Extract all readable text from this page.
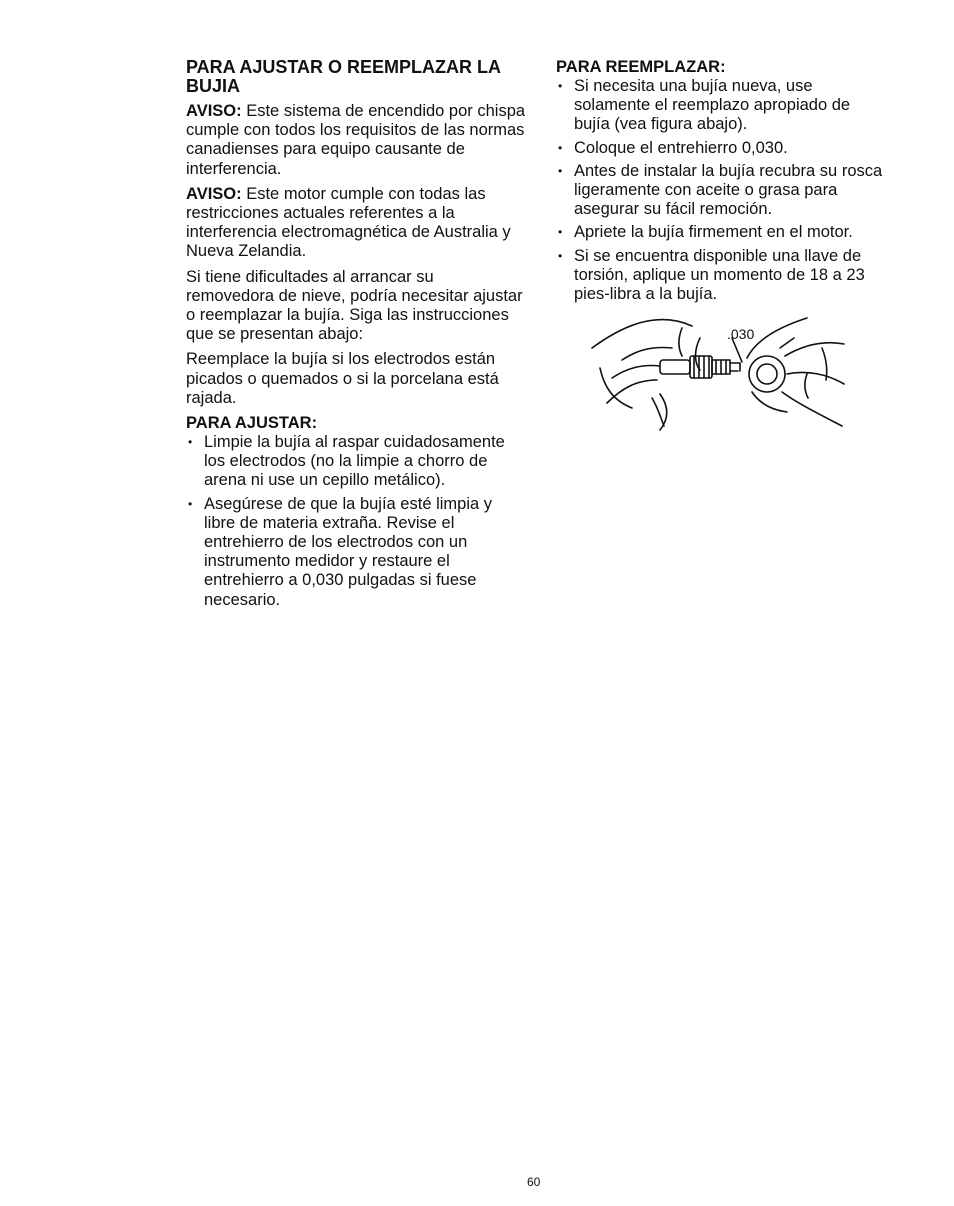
PARA AJUSTAR O REEMPLAZAR LA BUJIA

AVISO: Este sistema de encendido por chispa cumple con todos los requisitos de las normas canadienses para equipo causante de interferencia.

AVISO: Este motor cumple con todas las restricciones actuales referentes a la interferencia electromagnética de Australia y Nueva Zelandia.

Si tiene dificultades al arrancar su removedora de nieve, podría necesitar ajustar o reemplazar la bujía. Siga las instrucciones que se presentan abajo:

Reemplace la bujía si los electrodos están picados o quemados o si la porcelana está rajada.

PARA AJUSTAR:
• Limpie la bujía al raspar cuidadosamente los electrodos (no la limpie a chorro de arena ni use un cepillo metálico).
• Asegúrese de que la bujía esté limpia y libre de materia extraña. Revise el entrehierro de los electrodos con un instrumento medidor y restaure el entrehierro a 0,030 pulgadas si fuese necesario.
PARA REEMPLAZAR:
• Si necesita una bujía nueva, use solamente el reemplazo apropiado de bujía (vea figura abajo).
• Coloque el entrehierro 0,030.
• Antes de instalar la bujía recubra su rosca ligeramente con aceite o grasa para asegurar su fácil remoción.
• Apriete la bujía firmement en el motor.
• Si se encuentra disponible una llave de torsión, aplique un momento de 18 a 23 pies-libra a la bujía.
.030
60
